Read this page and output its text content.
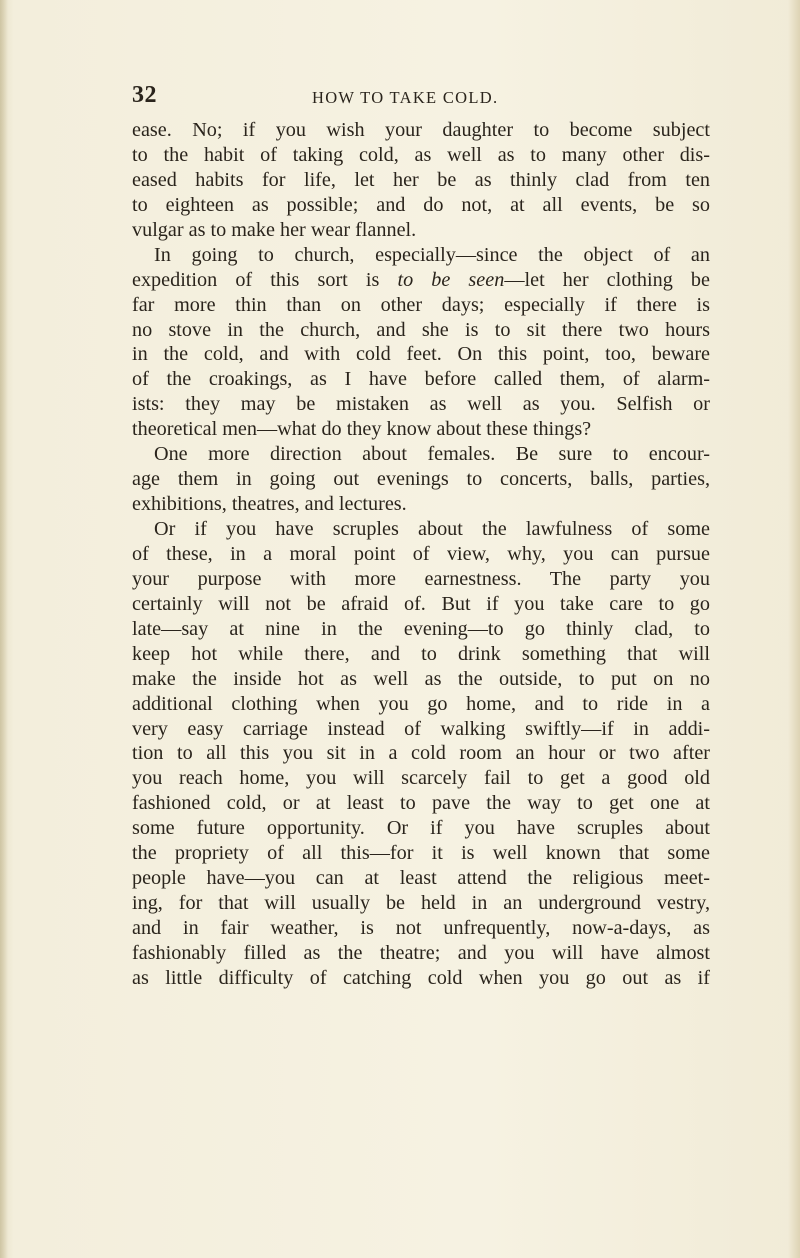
32	HOW TO TAKE COLD.
ease. No; if you wish your daughter to become subject
to the habit of taking cold, as well as to many other dis-
eased habits for life, let her be as thinly clad from ten
to eighteen as possible; and do not, at all events, be so
vulgar as to make her wear flannel.
In going to church, especially—since the object of an
expedition of this sort is to be seen—let her clothing be
far more thin than on other days; especially if there is
no stove in the church, and she is to sit there two hours
in the cold, and with cold feet. On this point, too, beware
of the croakings, as I have before called them, of alarm-
ists: they may be mistaken as well as you. Selfish or
theoretical men—what do they know about these things?
One more direction about females. Be sure to encour-
age them in going out evenings to concerts, balls, parties,
exhibitions, theatres, and lectures.
Or if you have scruples about the lawfulness of some
of these, in a moral point of view, why, you can pursue
your purpose with more earnestness. The party you
certainly will not be afraid of. But if you take care to go
late—say at nine in the evening—to go thinly clad, to
keep hot while there, and to drink something that will
make the inside hot as well as the outside, to put on no
additional clothing when you go home, and to ride in a
very easy carriage instead of walking swiftly—if in addi-
tion to all this you sit in a cold room an hour or two after
you reach home, you will scarcely fail to get a good old
fashioned cold, or at least to pave the way to get one at
some future opportunity. Or if you have scruples about
the propriety of all this—for it is well known that some
people have—you can at least attend the religious meet-
ing, for that will usually be held in an underground vestry,
and in fair weather, is not unfrequently, now-a-days, as
fashionably filled as the theatre; and you will have almost
as little difficulty of catching cold when you go out as if
